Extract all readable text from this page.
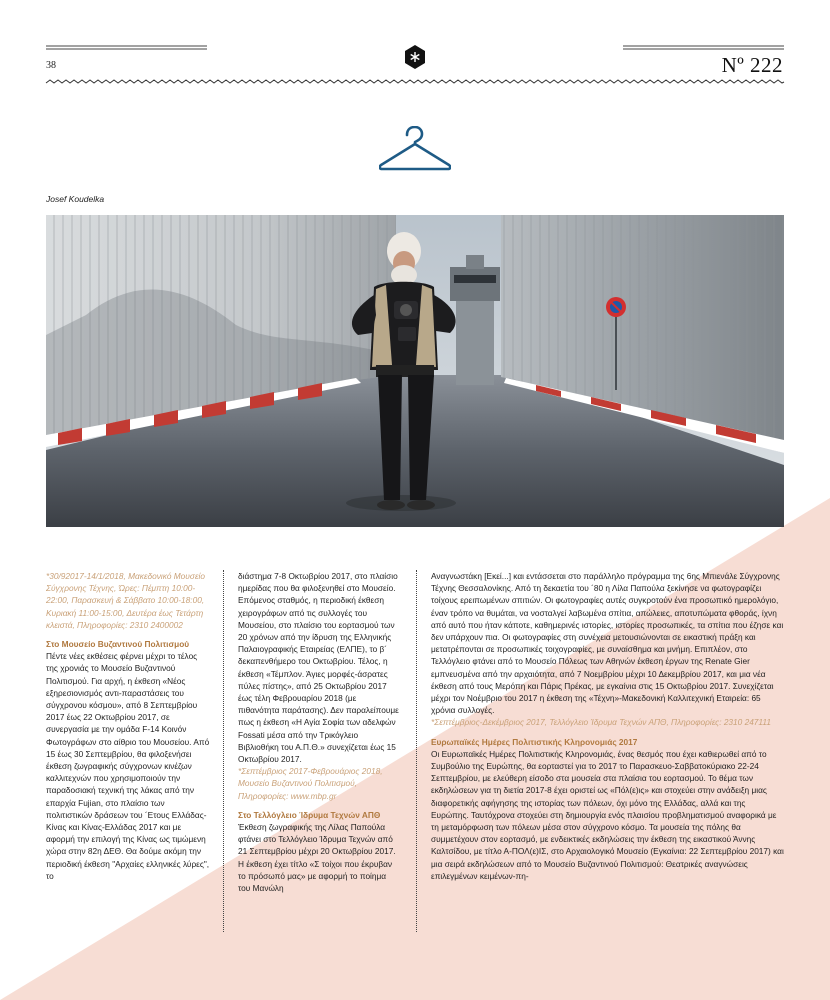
38	Nº 222
Josef Koudelka

*30/92017-14/1/2018, Μακεδονικό Μουσείο Σύγχρονης Τέχνης, Ώρες: Πέμπτη 10:00-22:00, Παρασκευή & Σάββατο 10:00-18:00, Κυριακή 11:00-15:00, Δευτέρα έως Τετάρτη κλειστά, Πληροφορίες: 2310 2400002

Στο Μουσείο Βυζαντινού Πολιτισμού

Πέντε νέες εκθέσεις φέρνει μέχρι το τέλος της χρονιάς το Μουσείο Βυζαντινού Πολιτισμού. Για αρχή, η έκθεση «Νέος εξηρεσιονισμός αντι-παραστάσεις του σύγχρονου κόσμου», από 8 Σεπτεμβρίου 2017 έως 22 Οκτωβρίου 2017, σε συνεργασία με την ομάδα F-14 Κοινόν Φωτογράφων στο αίθριο του Μουσείου. Από 15 έως 30 Σεπτεμβρίου, θα φιλοξενήσει έκθεση ζωγραφικής σύγχρονων κινέζων καλλιτεχνών που χρησιμοποιούν την παραδοσιακή τεχνική της λάκας από την επαρχία Fujian, στο πλαίσιο των πολιτιστικών δράσεων του ´Ετους Ελλάδας-Κίνας και Κίνας-Ελλάδας 2017 και με αφορμή την επιλογή της Κίνας ως τιμώμενη χώρα στην 82η ΔΕΘ. Θα δούμε ακόμη την περιοδική έκθεση "Αρχαίες ελληνικές λύρες", το

διάστημα 7-8 Οκτωβρίου 2017, στο πλαίσιο ημερίδας που θα φιλοξενηθεί στο Μουσείο. Επόμενος σταθμός, η περιοδική έκθεση χειρογράφων από τις συλλογές του Μουσείου, στο πλαίσιο του εορτασμού των 20 χρόνων από την ίδρυση της Ελληνικής Παλαιογραφικής Εταιρείας (ΕΛΠΕ), το β´ δεκαπενθήμερο του Οκτωβρίου. Τέλος, η έκθεση «Τέμπλον. Άγιες μορφές-άσρατες πύλες πίστης», από 25 Οκτωβρίου 2017 έως τέλη Φεβρουαρίου 2018 (με πιθανότητα παράτασης). Δεν παραλείπουμε πως η έκθεση «Η Αγία Σοφία των αδελφών Fossati μέσα από την Τρικόγλειο Βιβλιοθήκη του Α.Π.Θ.» συνεχίζεται έως 15 Οκτωβρίου 2017.

*Σεπτέμβριος 2017-Φεβρουάριος 2018, Μουσείο Βυζαντινού Πολιτισμού, Πληροφορίες: www.mbp.gr

Στο Τελλόγλειο Ίδρυμα Τεχνών ΑΠΘ

Έκθεση ζωγραφικής της Λίλας Παπούλα φτάνει στο Τελλόγλειο Ίδρυμα Τεχνών από 21 Σεπτεμβρίου μέχρι 20 Οκτωβρίου 2017. Η έκθεση έχει τίτλο «Σ τοίχοι που έκρυβαν το πρόσωπό μας» με αφορμή το ποίημα του Μανώλη

Αναγνωστάκη [Εκεί...] και εντάσσεται στο παράλληλο πρόγραμμα της 6ης Μπιενάλε Σύγχρονης Τέχνης Θεσσαλονίκης. Από τη δεκαετία του ´80 η Λίλα Παπούλα ξεκίνησε να φωτογραφίζει τοίχους ερειπωμένων σπιτιών. Οι φωτογραφίες αυτές συγκροτούν ένα προσωπικό ημερολόγιο, έναν τρόπο να θυμάται, να νοσταλγεί λαβωμένα σπίτια, απώλειες, αποτυπώματα φθοράς, ίχνη από αυτό που ήταν κάποτε, καθημερινές ιστορίες, ιστορίες προσωπικές, τα σπίτια που έζησε και δεν υπάρχουν πια. Οι φωτογραφίες στη συνέχεια μετουσιώνονται σε εικαστική πράξη και μετατρέπονται σε προσωπικές τοιχογραφίες, με συναίσθημα και μνήμη. Επιπλέον, στο Τελλόγλειο φτάνει από το Μουσείο Πόλεως των Αθηνών έκθεση έργων της Renate Gier εμπνευσμένα από την αρχαιότητα, από 7 Νοεμβρίου μέχρι 10 Δεκεμβρίου 2017, και μια νέα έκθεση από τους Μερόπη και Πάρις Πρέκας, με εγκαίνια στις 15 Οκτωβρίου 2017. Συνεχίζεται μέχρι τον Νοέμβριο του 2017 η έκθεση της «Τέχνη»-Μακεδονική Καλλιτεχνική Εταιρεία: 65 χρόνια συλλογές.

*Σεπτέμβριος-Δεκέμβριος 2017, Τελλόγλειο Ίδρυμα Τεχνών ΑΠΘ, Πληροφορίες: 2310 247111

Ευρωπαϊκές Ημέρες Πολιτιστικής Κληρονομιάς 2017

Οι Ευρωπαϊκές Ημέρες Πολιτιστικής Κληρονομιάς, ένας θεσμός που έχει καθιερωθεί από το Συμβούλιο της Ευρώπης, θα εορταστεί για το 2017 το Παρασκευο-Σαββατοκύριακο 22-24 Σεπτεμβρίου, με ελεύθερη είσοδο στα μουσεία στα πλαίσια του εορτασμού. Το θέμα των εκδηλώσεων για τη διετία 2017-8 έχει οριστεί ως «Πόλ(ε)ις» και στοχεύει στην ανάδειξη μιας διαφορετικής αφήγησης της ιστορίας των πόλεων, όχι μόνο της Ελλάδας, αλλά και της Ευρώπης. Ταυτόχρονα στοχεύει στη δημιουργία ενός πλαισίου προβληματισμού αναφορικά με τη μεταμόρφωση των πόλεων μέσα στον σύγχρονο κόσμο. Τα μουσεία της πόλης θα συμμετέχουν στον εορτασμό, με ενδεικτικές εκδηλώσεις την έκθεση της εικαστικού Άννης Καλτσίδου, με τίτλο Α-ΠΟΛ(ε)ΙΣ, στο Αρχαιολογικό Μουσείο (Εγκαίνια: 22 Σεπτεμβρίου 2017) και μια σειρά εκδηλώσεων από το Μουσείο Βυζαντινού Πολιτισμού: Θεατρικές αναγνώσεις επιλεγμένων κειμένων-πη-
